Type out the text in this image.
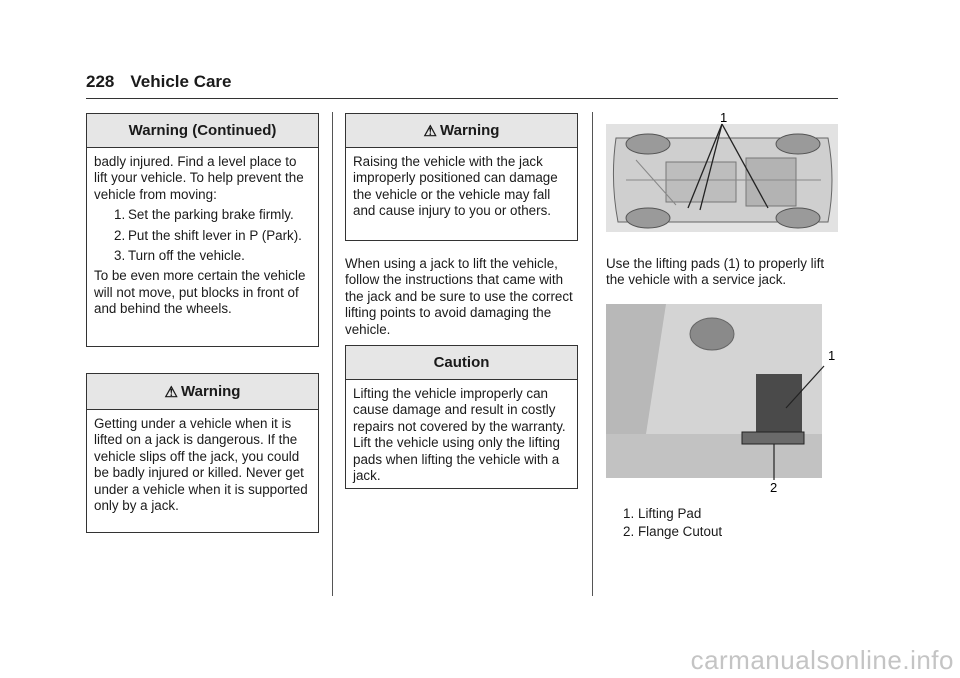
228 Vehicle Care
Warning (Continued)

badly injured. Find a level place to lift your vehicle. To help prevent the vehicle from moving:

1. Set the parking brake firmly.
2. Put the shift lever in P (Park).
3. Turn off the vehicle.

To be even more certain the vehicle will not move, put blocks in front of and behind the wheels.

⚠ Warning

Getting under a vehicle when it is lifted on a jack is dangerous. If the vehicle slips off the jack, you could be badly injured or killed. Never get under a vehicle when it is supported only by a jack.

⚠ Warning

Raising the vehicle with the jack improperly positioned can damage the vehicle or the vehicle may fall and cause injury to you or others.

When using a jack to lift the vehicle, follow the instructions that came with the jack and be sure to use the correct lifting points to avoid damaging the vehicle.

Caution

Lifting the vehicle improperly can cause damage and result in costly repairs not covered by the warranty. Lift the vehicle using only the lifting pads when lifting the vehicle with a jack.

1

Use the lifting pads (1) to properly lift the vehicle with a service jack.

1
2
1. Lifting Pad
2. Flange Cutout
carmanualsonline.info
